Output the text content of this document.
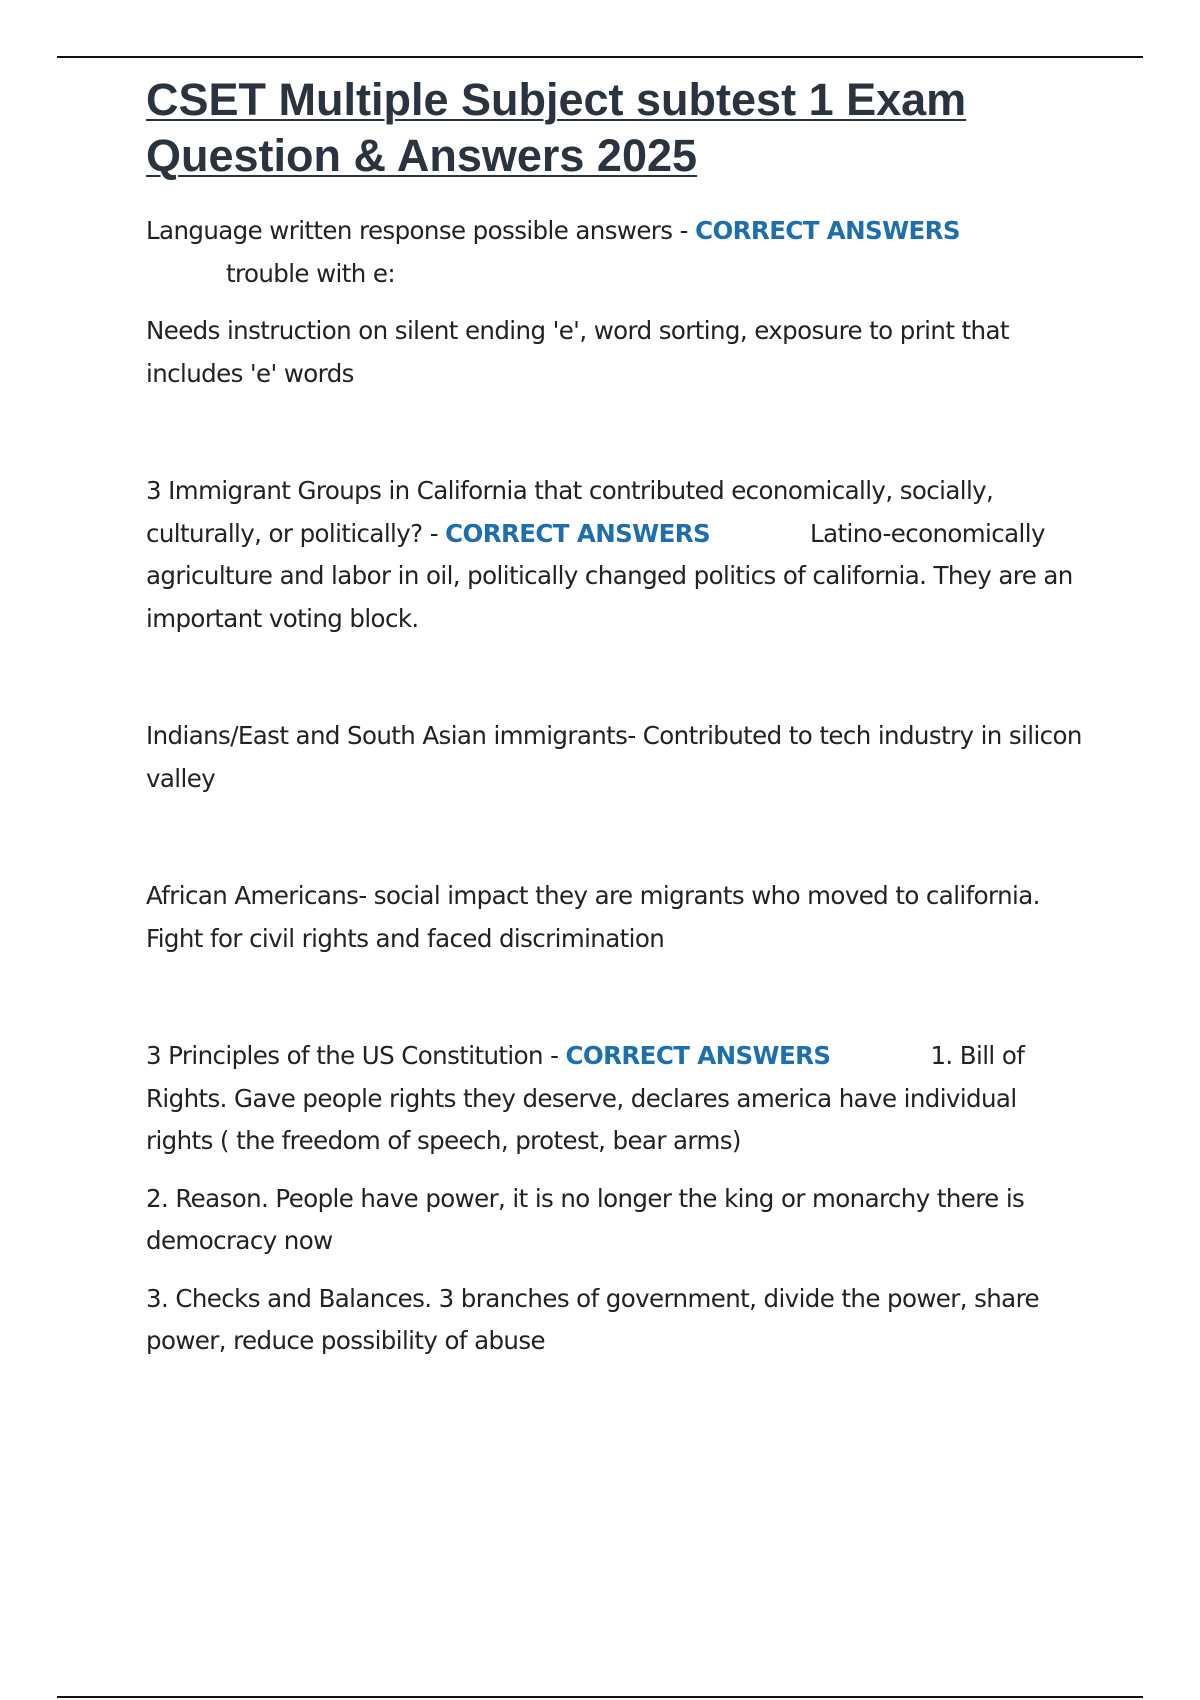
CSET Multiple Subject subtest 1 Exam
Question & Answers 2025

Language written response possible answers - CORRECT ANSWERS

trouble with e:

Needs instruction on silent ending 'e', word sorting, exposure to print that includes 'e' words

3 Immigrant Groups in California that contributed economically, socially, culturally, or politically? - CORRECT ANSWERS	Latino-economically agriculture and labor in oil, politically changed politics of california. They are an important voting block.

Indians/East and South Asian immigrants- Contributed to tech industry in silicon valley

African Americans- social impact they are migrants who moved to california. Fight for civil rights and faced discrimination

3 Principles of the US Constitution - CORRECT ANSWERS	1. Bill of Rights. Gave people rights they deserve, declares america have individual rights ( the freedom of speech, protest, bear arms)

2. Reason. People have power, it is no longer the king or monarchy there is democracy now

3. Checks and Balances. 3 branches of government, divide the power, share power, reduce possibility of abuse
